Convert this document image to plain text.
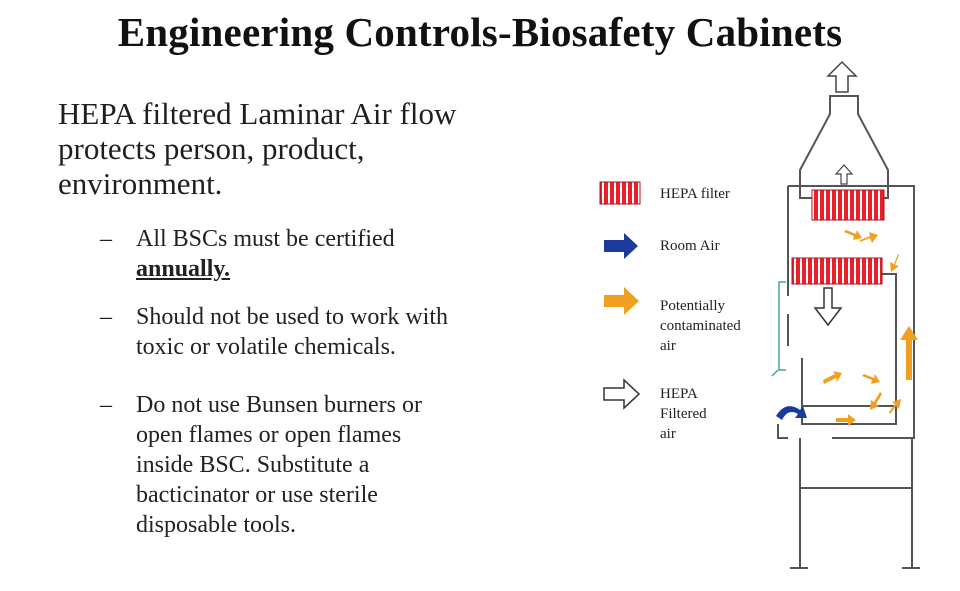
Engineering Controls-Biosafety Cabinets
HEPA filtered Laminar Air flow
protects person, product,
environment.
– All BSCs must be certified
annually.
– Should not be used to work with
toxic or volatile chemicals.
– Do not use Bunsen burners or
open flames or open flames
inside BSC. Substitute a
bacticinator or use sterile
disposable tools.
HEPA filter
Room Air
Potentially
contaminated
air
HEPA
Filtered
air
